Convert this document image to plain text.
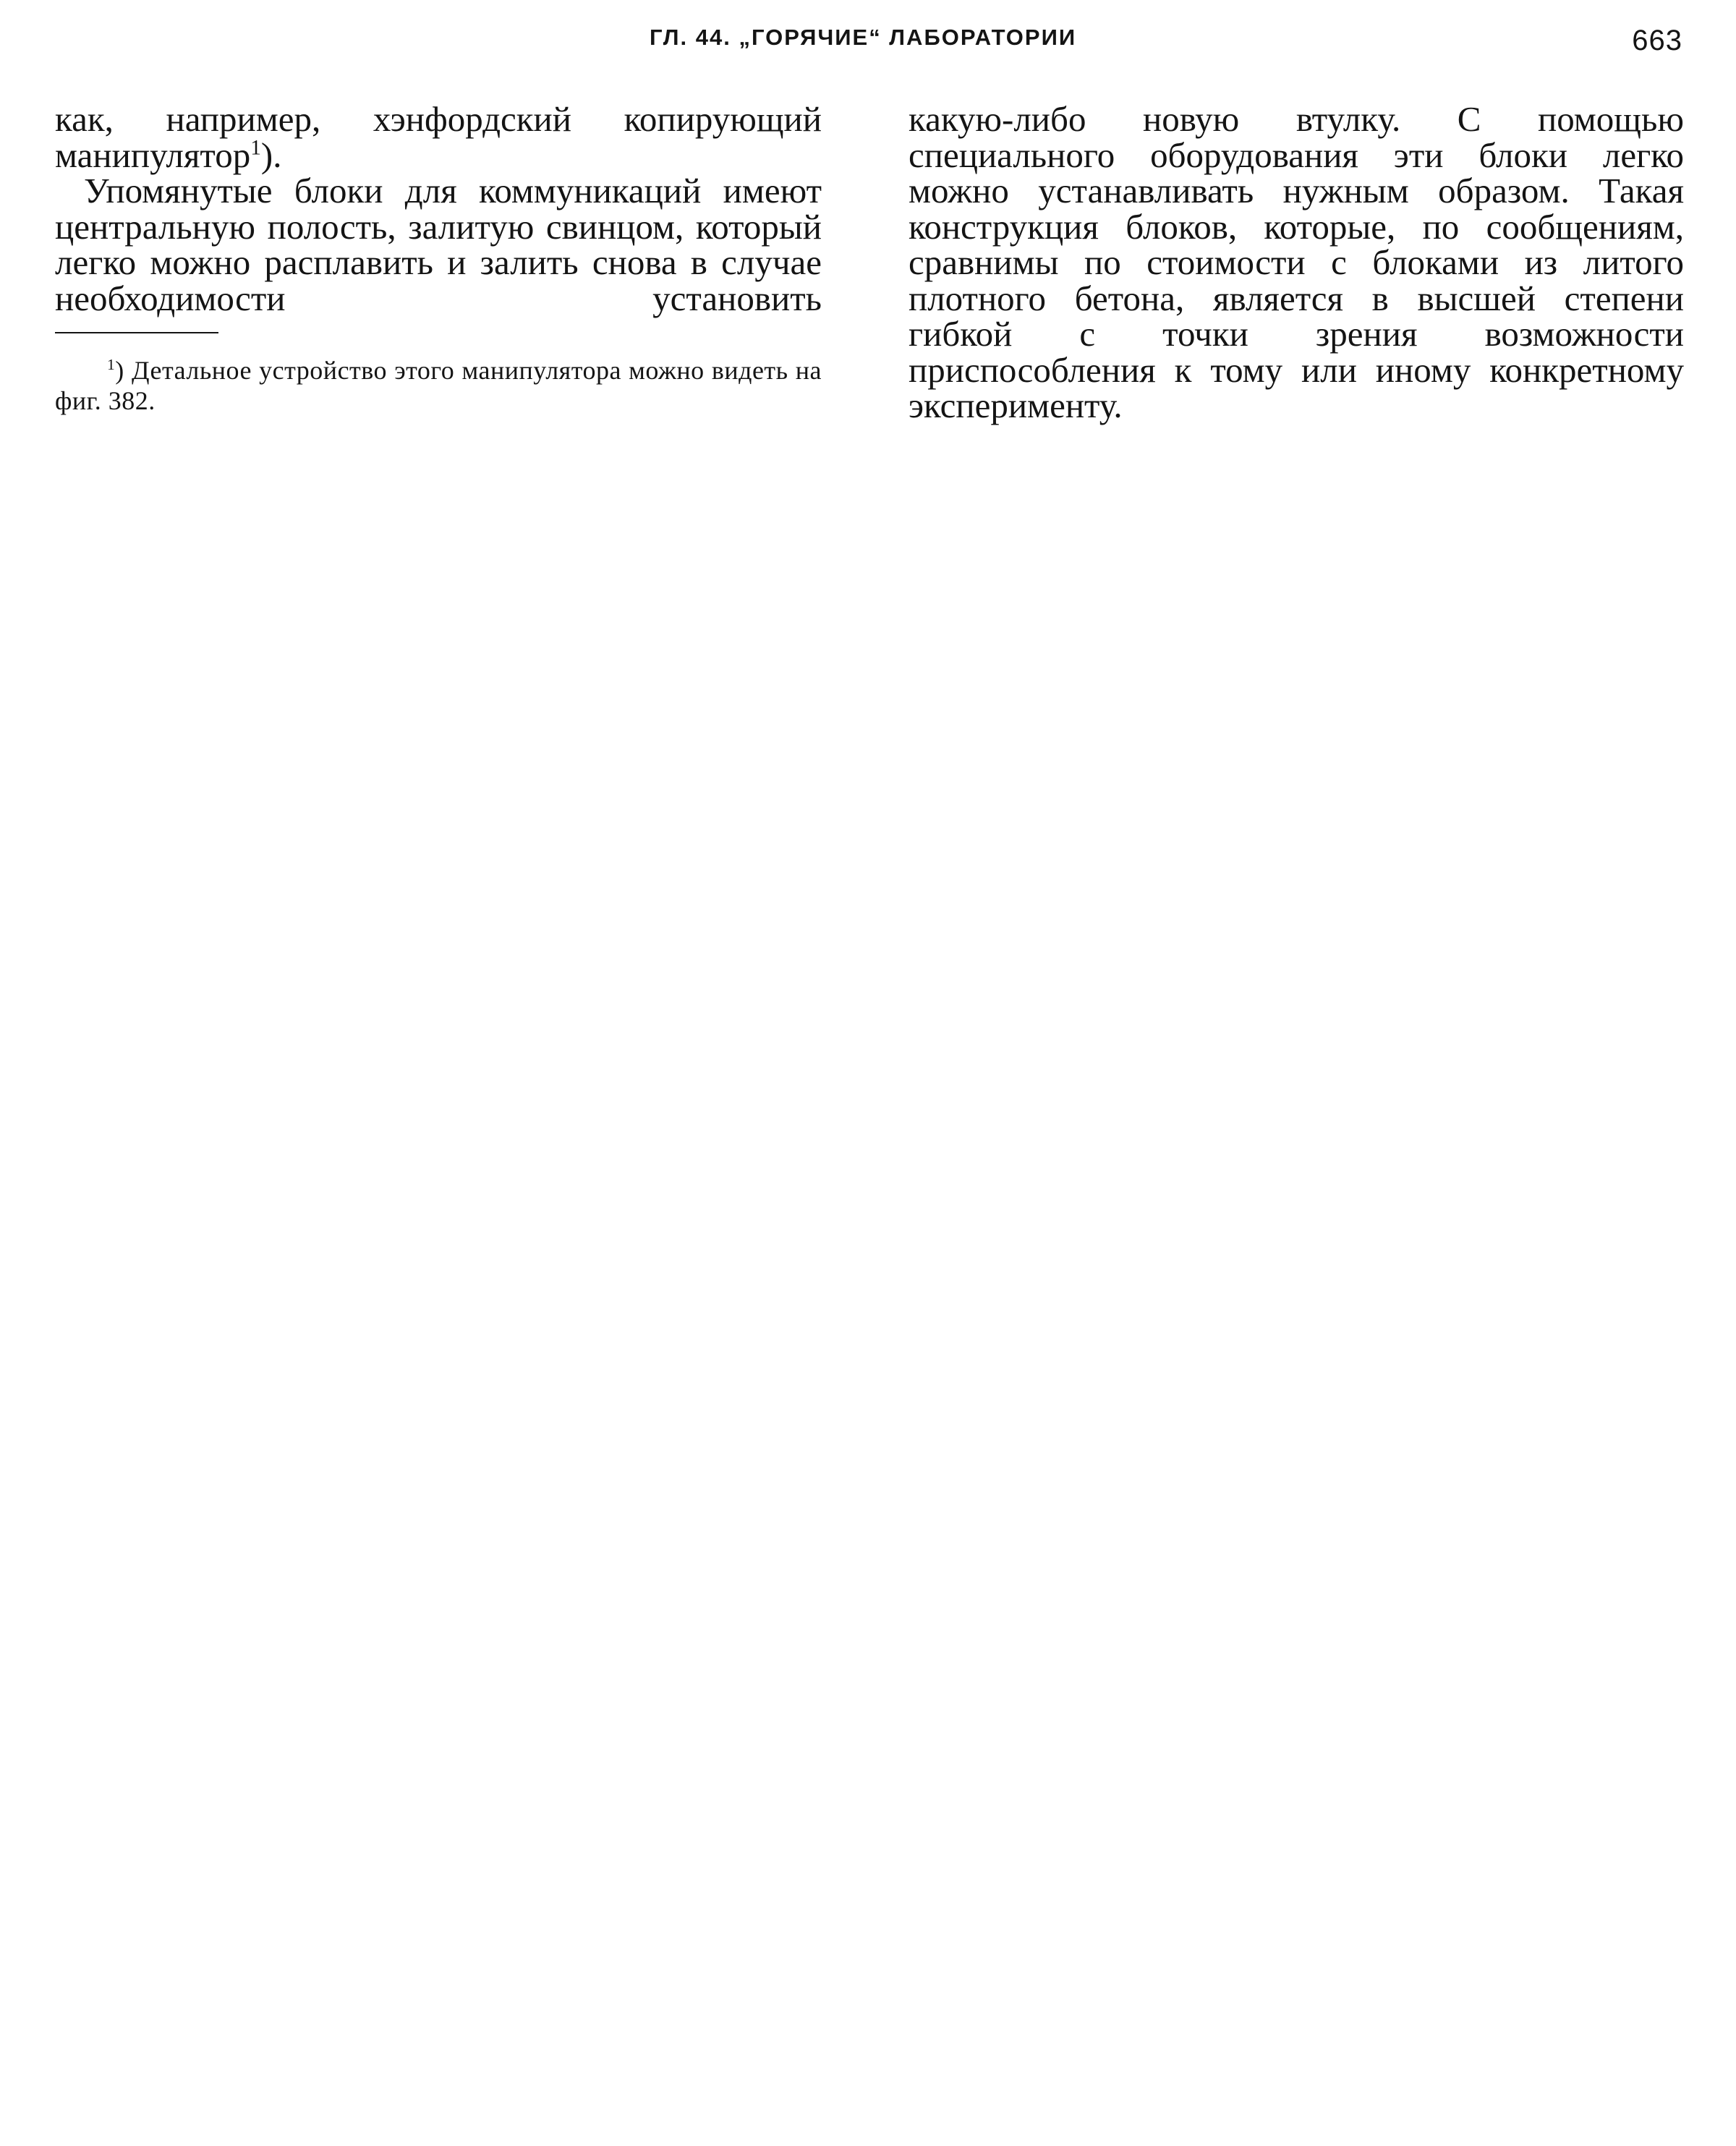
ГЛ. 44. „ГОРЯЧИЕ“ ЛАБОРАТОРИИ	663

как, например, хэнфордский копирующий манипулятор$^1$).

Упомянутые блоки для коммуникаций имеют центральную полость, залитую свинцом, который легко можно расплавить и залить снова в случае необходимости установить

$^1$) Детальное устройство этого манипулятора можно видеть на фиг. 382.

какую-либо новую втулку. С помощью специального оборудования эти блоки легко можно устанавливать нужным образом. Такая конструкция блоков, которые, по сообщениям, сравнимы по стоимости с блоками из литого плотного бетона, является в высшей степени гибкой с точки зрения возможности приспособления к тому или иному конкретному эксперименту.
